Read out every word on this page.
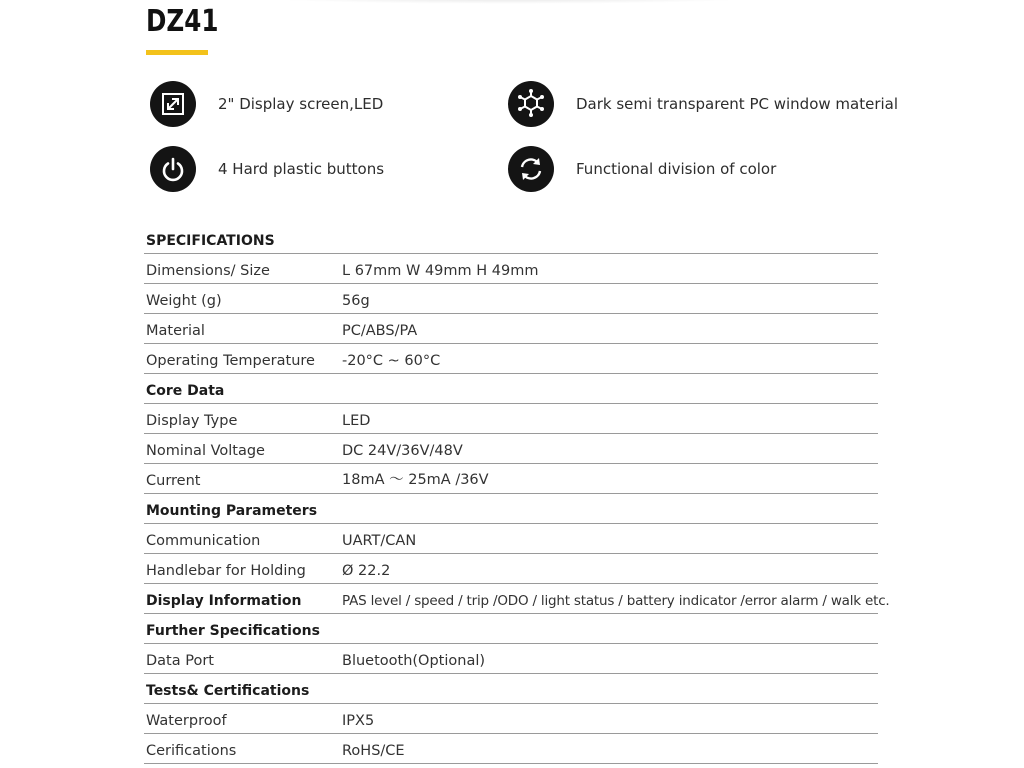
DZ41
2" Display screen,LED	Dark semi transparent PC window material
4 Hard plastic buttons	Functional division of color
SPECIFICATIONS
Dimensions/ Size	L 67mm W 49mm H 49mm
Weight (g)	56g
Material	PC/ABS/PA
Operating Temperature -20°C ~ 60°C
Core Data
Display Type	LED
Nominal Voltage	DC 24V/36V/48V
Current	18mA ～ 25mA /36V
Mounting Parameters
Communication	UART/CAN
Handlebar for Holding Ø 22.2
Display Information	PAS level / speed / trip /ODO / light status / battery indicator /error alarm / walk etc.
Further Specifications
Data Port	Bluetooth(Optional)
Tests& Certifications
Waterproof	IPX5
Cerifications	RoHS/CE
